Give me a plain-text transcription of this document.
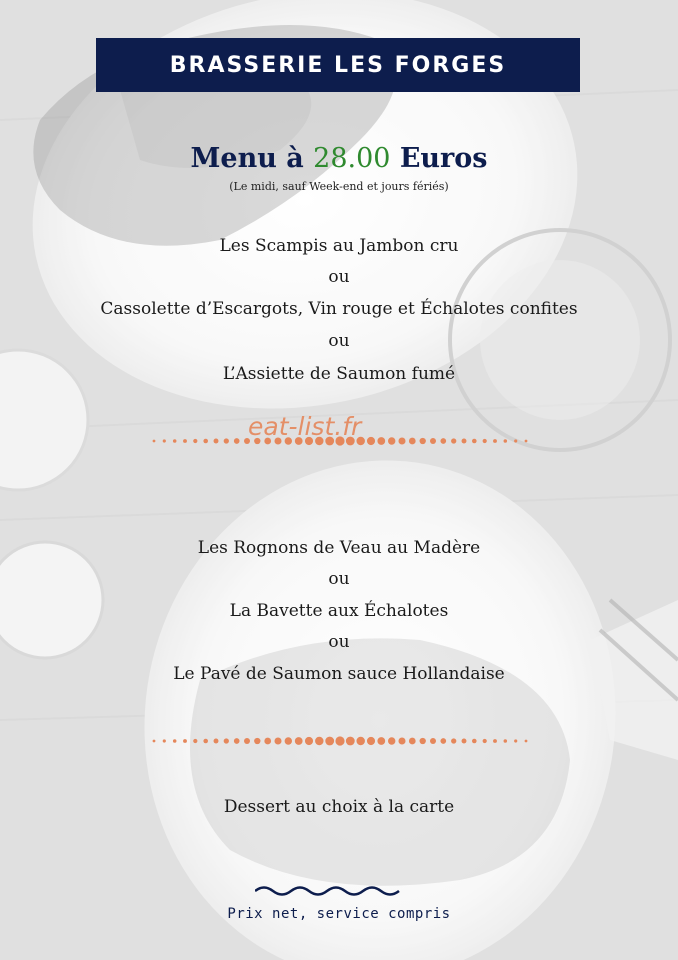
BRASSERIE LES FORGES
Menu à 28.00 Euros
(Le midi, sauf Week-end et jours fériés)
Les Scampis au Jambon cru
ou
Cassolette d’Escargots, Vin rouge et Échalotes confites
ou
L’Assiette de Saumon fumé
eat-list.fr
Les Rognons de Veau au Madère
ou
La Bavette aux Échalotes
ou
Le Pavé de Saumon sauce Hollandaise
Dessert au choix à la carte
Prix net, service compris
